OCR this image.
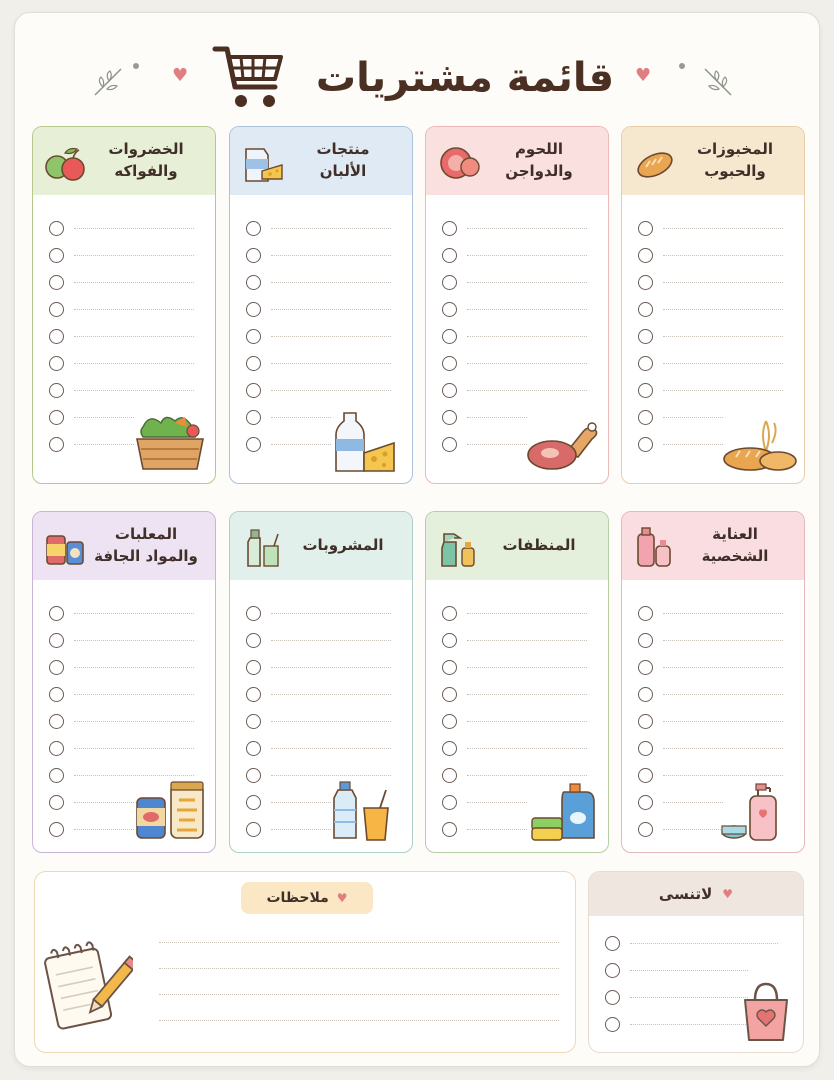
♥	قائمة مشتريات	♥
المخبوزات
والحبوب
اللحوم
والدواجن
منتجات
الألبان
الخضروات
والفواكه
العناية
الشخصية
المنظفات
المشروبات
المعلبات
والمواد الجافة
ملاحظات ♥	لاتنسى ♥
